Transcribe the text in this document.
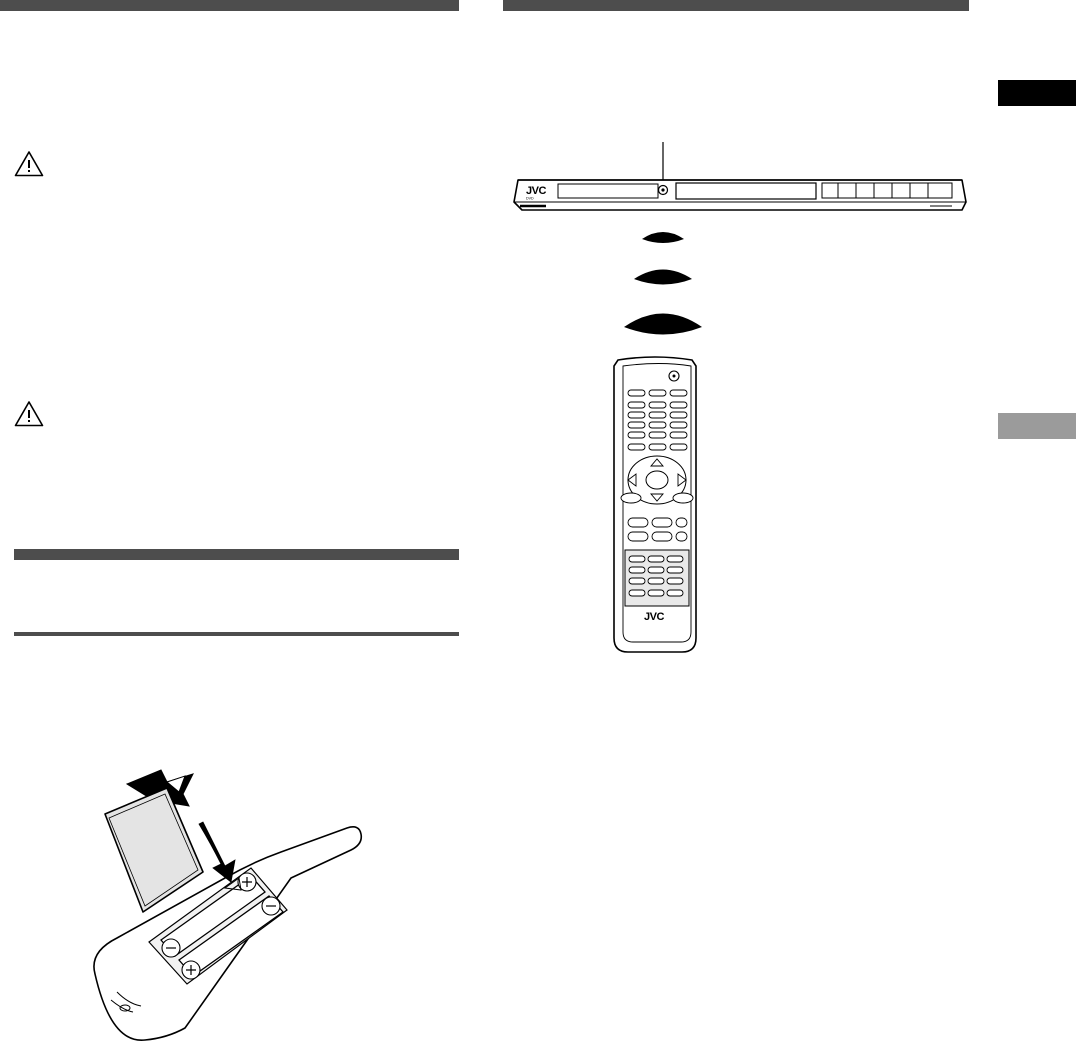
JVC
DVD
JVC
